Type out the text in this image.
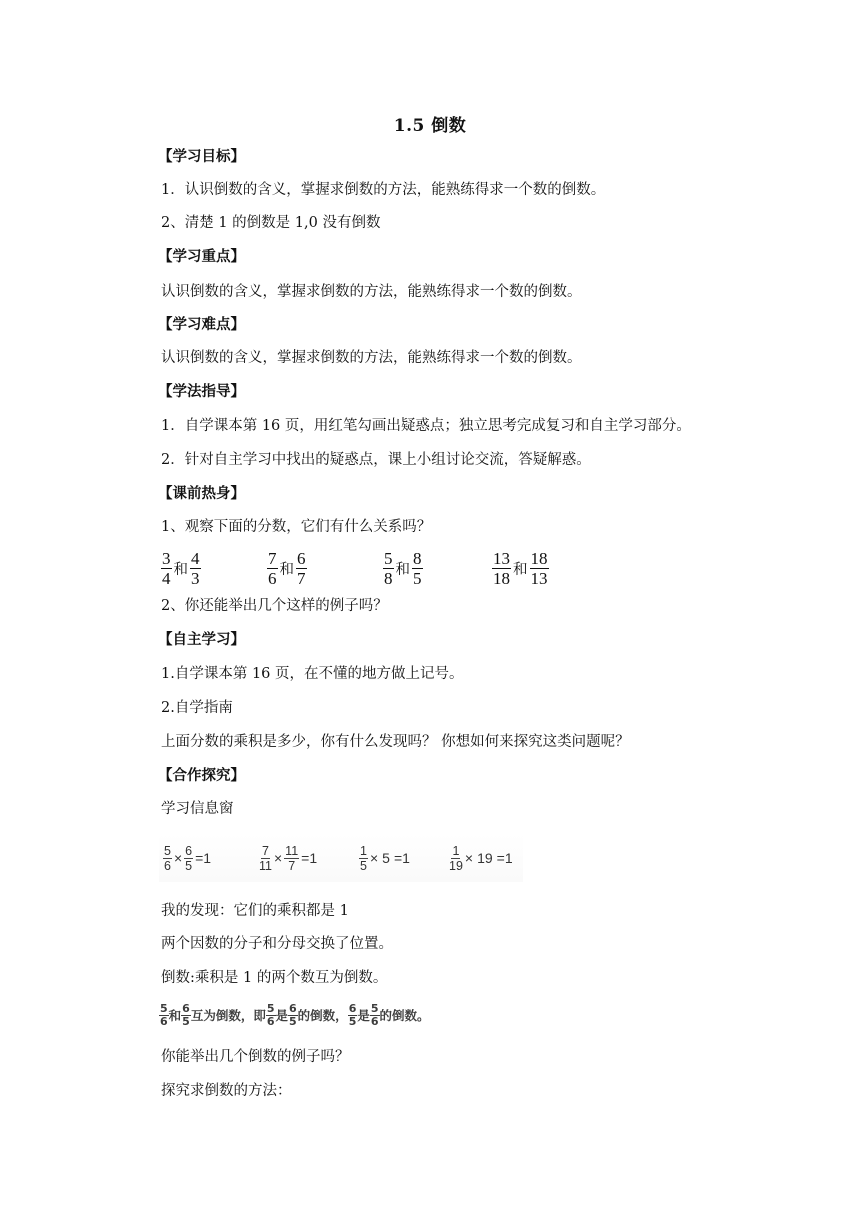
1.5 倒数
【学习目标】
1．认识倒数的含义，掌握求倒数的方法，能熟练得求一个数的倒数。
2、清楚 1 的倒数是 1,0 没有倒数
【学习重点】
认识倒数的含义，掌握求倒数的方法，能熟练得求一个数的倒数。
【学习难点】
认识倒数的含义，掌握求倒数的方法，能熟练得求一个数的倒数。
【学法指导】
1．自学课本第 16 页，用红笔勾画出疑惑点；独立思考完成复习和自主学习部分。
2．针对自主学习中找出的疑惑点，课上小组讨论交流，答疑解惑。
【课前热身】
1、观察下面的分数，它们有什么关系吗？
$\frac{3}{4}$ 和 $\frac{4}{3}$	$\frac{7}{6}$ 和 $\frac{6}{7}$	$\frac{5}{8}$ 和 $\frac{8}{5}$	$\frac{13}{18}$ 和 $\frac{18}{13}$
2、你还能举出几个这样的例子吗？
【自主学习】
1.自学课本第 16 页，在不懂的地方做上记号。
2.自学指南
上面分数的乘积是多少，你有什么发现吗？ 你想如何来探究这类问题呢？
【合作探究】
学习信息窗
$\frac{5}{6} \times \frac{6}{5} =1$	$\frac{7}{11} \times \frac{11}{7} =1$	$\frac{1}{5} \times 5 =1$	$\frac{1}{19} \times 19 =1$
我的发现：它们的乘积都是 1
两个因数的分子和分母交换了位置。
倒数:乘积是 1 的两个数互为倒数。
$\frac{5}{6}$ 和 $\frac{6}{5}$ 互为倒数，即 $\frac{5}{6}$ 是 $\frac{6}{5}$ 的倒数， $\frac{6}{5}$ 是 $\frac{5}{6}$ 的倒数。
你能举出几个倒数的例子吗？
探究求倒数的方法：
